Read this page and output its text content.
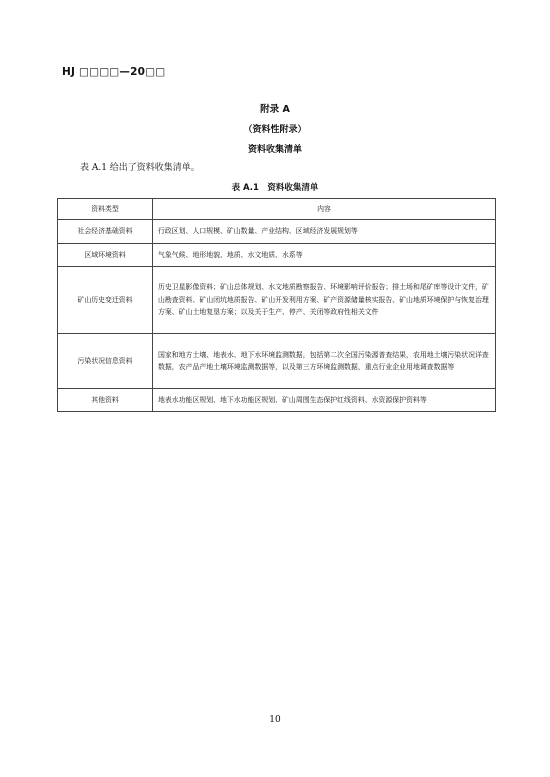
HJ □□□□—20□□
附录 A
（资料性附录）
资料收集清单
表 A.1 给出了资料收集清单。
表 A.1　资料收集清单
资料类型	内容
社会经济基础资料	行政区划、人口规模、矿山数量、产业结构、区域经济发展规划等
区域环境资料	气象气候、地形地貌、地质、水文地质、水系等
矿山历史变迁资料	历史卫星影像资料；矿山总体规划、水文地质勘察报告、环境影响评价报告；排土场和尾矿库等设计文件，矿山勘查资料、矿山闭坑地质报告、矿山开发利用方案、矿产资源储量核实报告、矿山地质环境保护与恢复治理方案、矿山土地复垦方案；以及关于生产、停产、关闭等政府性相关文件
污染状况信息资料	国家和地方土壤、地表水、地下水环境监测数据，包括第二次全国污染源普查结果，农用地土壤污染状况详查数据，农产品产地土壤环境监测数据等，以及第三方环境监测数据，重点行业企业用地调查数据等
其他资料	地表水功能区规划、地下水功能区规划、矿山周围生态保护红线资料、水资源保护资料等
10
